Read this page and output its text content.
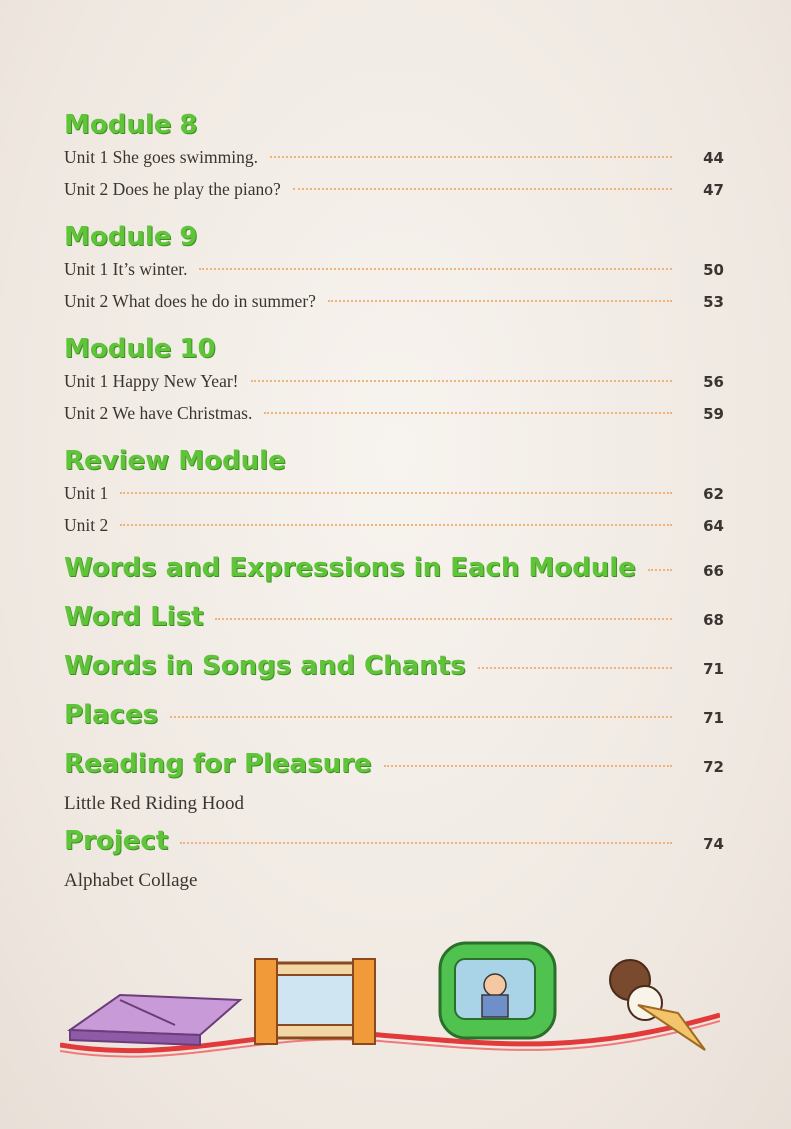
Module 8
Unit 1 She goes swimming.	44
Unit 2 Does he play the piano?	47
Module 9
Unit 1 It’s winter.	50
Unit 2 What does he do in summer?	53
Module 10
Unit 1 Happy New Year!	56
Unit 2 We have Christmas.	59
Review Module
Unit 1	62
Unit 2	64
Words and Expressions in Each Module	66
Word List	68
Words in Songs and Chants	71
Places	71
Reading for Pleasure	72
Little Red Riding Hood
Project	74
Alphabet Collage
